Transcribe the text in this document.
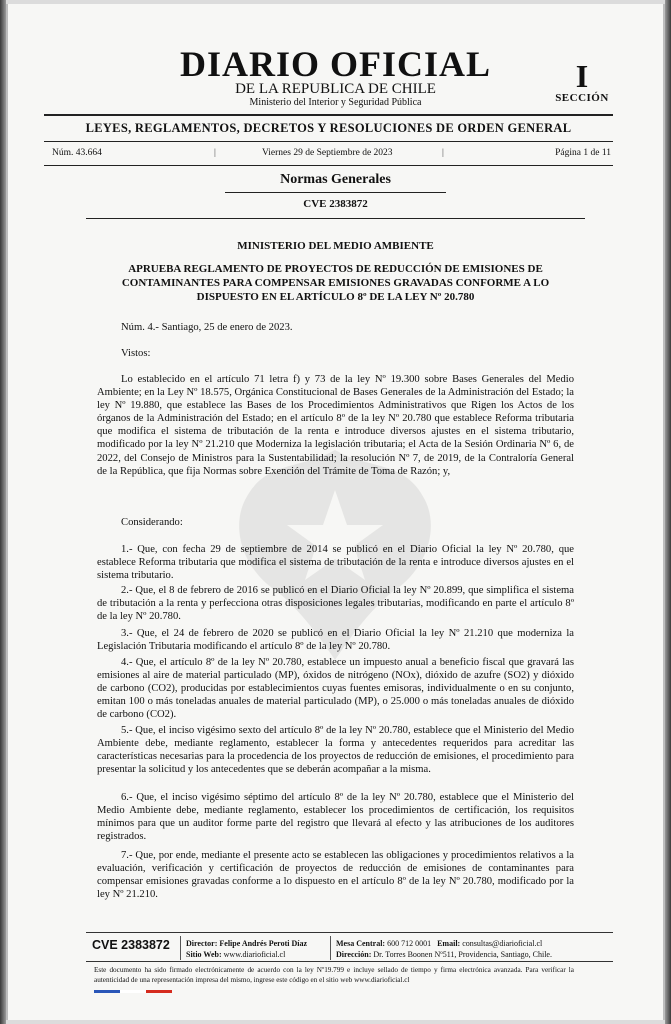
DIARIO OFICIAL
DE LA REPUBLICA DE CHILE
Ministerio del Interior y Seguridad Pública
I
SECCIÓN
LEYES, REGLAMENTOS, DECRETOS Y RESOLUCIONES DE ORDEN GENERAL
Núm. 43.664	|	Viernes 29 de Septiembre de 2023	|	Página 1 de 11
Normas Generales
CVE 2383872
MINISTERIO DEL MEDIO AMBIENTE
APRUEBA REGLAMENTO DE PROYECTOS DE REDUCCIÓN DE EMISIONES DE CONTAMINANTES PARA COMPENSAR EMISIONES GRAVADAS CONFORME A LO DISPUESTO EN EL ARTÍCULO 8º DE LA LEY Nº 20.780
Núm. 4.- Santiago, 25 de enero de 2023.
Vistos:
Lo establecido en el artículo 71 letra f) y 73 de la ley Nº 19.300 sobre Bases Generales del Medio Ambiente; en la Ley Nº 18.575, Orgánica Constitucional de Bases Generales de la Administración del Estado; la ley Nº 19.880, que establece las Bases de los Procedimientos Administrativos que Rigen los Actos de los órganos de la Administración del Estado; en el artículo 8º de la ley Nº 20.780 que establece Reforma tributaria que modifica el sistema de tributación de la renta e introduce diversos ajustes en el sistema tributario, modificado por la ley Nº 21.210 que Moderniza la legislación tributaria; el Acta de la Sesión Ordinaria Nº 6, de 2022, del Consejo de Ministros para la Sustentabilidad; la resolución Nº 7, de 2019, de la Contraloría General de la República, que fija Normas sobre Exención del Trámite de Toma de Razón; y,
Considerando:
1.- Que, con fecha 29 de septiembre de 2014 se publicó en el Diario Oficial la ley Nº 20.780, que establece Reforma tributaria que modifica el sistema de tributación de la renta e introduce diversos ajustes en el sistema tributario.
2.- Que, el 8 de febrero de 2016 se publicó en el Diario Oficial la ley Nº 20.899, que simplifica el sistema de tributación a la renta y perfecciona otras disposiciones legales tributarias, modificando en parte el artículo 8º de la ley Nº 20.780.
3.- Que, el 24 de febrero de 2020 se publicó en el Diario Oficial la ley Nº 21.210 que moderniza la Legislación Tributaria modificando el artículo 8º de la ley Nº 20.780.
4.- Que, el artículo 8º de la ley Nº 20.780, establece un impuesto anual a beneficio fiscal que gravará las emisiones al aire de material particulado (MP), óxidos de nitrógeno (NOx), dióxido de azufre (SO2) y dióxido de carbono (CO2), producidas por establecimientos cuyas fuentes emisoras, individualmente o en su conjunto, emitan 100 o más toneladas anuales de material particulado (MP), o 25.000 o más toneladas anuales de dióxido de carbono (CO2).
5.- Que, el inciso vigésimo sexto del artículo 8º de la ley Nº 20.780, establece que el Ministerio del Medio Ambiente debe, mediante reglamento, establecer la forma y antecedentes requeridos para acreditar las características necesarias para la procedencia de los proyectos de reducción de emisiones, el procedimiento para presentar la solicitud y los antecedentes que se deberán acompañar a la misma.
6.- Que, el inciso vigésimo séptimo del artículo 8º de la ley Nº 20.780, establece que el Ministerio del Medio Ambiente debe, mediante reglamento, establecer los procedimientos de certificación, los requisitos mínimos para que un auditor forme parte del registro que llevará al efecto y las atribuciones de los auditores registrados.
7.- Que, por ende, mediante el presente acto se establecen las obligaciones y procedimientos relativos a la evaluación, verificación y certificación de proyectos de reducción de emisiones de contaminantes para compensar emisiones gravadas conforme a lo dispuesto en el artículo 8º de la ley Nº 20.780, modificado por la ley Nº 21.210.
CVE 2383872 Director: Felipe Andrés Peroti Díaz
Sitio Web: www.diarioficial.cl
Mesa Central: 600 712 0001 Email: consultas@diarioficial.cl
Dirección: Dr. Torres Boonen Nº511, Providencia, Santiago, Chile.
Este documento ha sido firmado electrónicamente de acuerdo con la ley Nº19.799 e incluye sellado de tiempo y firma electrónica avanzada. Para verificar la autenticidad de una representación impresa del mismo, ingrese este código en el sitio web www.diarioficial.cl
